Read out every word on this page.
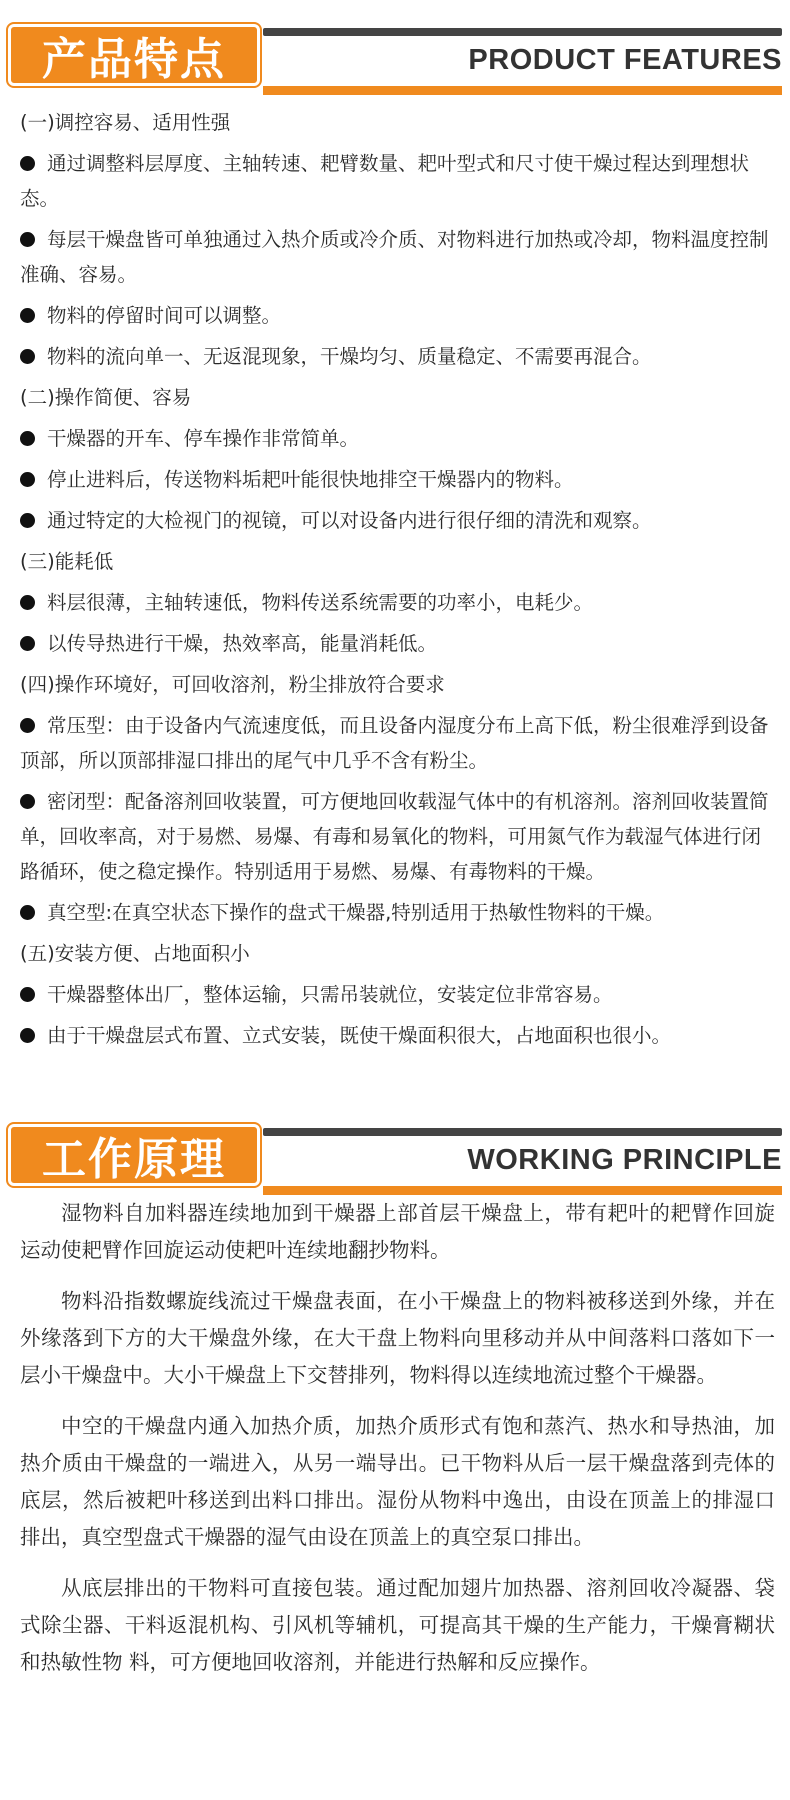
产品特点	PRODUCT FEATURES

(一)调控容易、适用性强

通过调整料层厚度、主轴转速、耙臂数量、耙叶型式和尺寸使干燥过程达到理想状态。

每层干燥盘皆可单独通过入热介质或冷介质、对物料进行加热或冷却，物料温度控制准确、容易。

物料的停留时间可以调整。

物料的流向单一、无返混现象，干燥均匀、质量稳定、不需要再混合。

(二)操作简便、容易

干燥器的开车、停车操作非常简单。

停止进料后，传送物料垢耙叶能很快地排空干燥器内的物料。

通过特定的大检视门的视镜，可以对设备内进行很仔细的清洗和观察。

(三)能耗低

料层很薄，主轴转速低，物料传送系统需要的功率小，电耗少。

以传导热进行干燥，热效率高，能量消耗低。

(四)操作环境好，可回收溶剂，粉尘排放符合要求

常压型：由于设备内气流速度低，而且设备内湿度分布上高下低，粉尘很难浮到设备顶部，所以顶部排湿口排出的尾气中几乎不含有粉尘。

密闭型：配备溶剂回收装置，可方便地回收载湿气体中的有机溶剂。溶剂回收装置简单，回收率高，对于易燃、易爆、有毒和易氧化的物料，可用氮气作为载湿气体进行闭路循环，使之稳定操作。特别适用于易燃、易爆、有毒物料的干燥。

真空型:在真空状态下操作的盘式干燥器,特别适用于热敏性物料的干燥。

(五)安装方便、占地面积小

干燥器整体出厂，整体运输，只需吊装就位，安装定位非常容易。

由于干燥盘层式布置、立式安装，既使干燥面积很大，占地面积也很小。

工作原理	WORKING PRINCIPLE

湿物料自加料器连续地加到干燥器上部首层干燥盘上，带有耙叶的耙臂作回旋运动使耙臂作回旋运动使耙叶连续地翻抄物料。

物料沿指数螺旋线流过干燥盘表面，在小干燥盘上的物料被移送到外缘，并在外缘落到下方的大干燥盘外缘，在大干盘上物料向里移动并从中间落料口落如下一层小干燥盘中。大小干燥盘上下交替排列，物料得以连续地流过整个干燥器。

中空的干燥盘内通入加热介质，加热介质形式有饱和蒸汽、热水和导热油，加热介质由干燥盘的一端进入，从另一端导出。已干物料从后一层干燥盘落到壳体的底层，然后被耙叶移送到出料口排出。湿份从物料中逸出，由设在顶盖上的排湿口排出，真空型盘式干燥器的湿气由设在顶盖上的真空泵口排出。

从底层排出的干物料可直接包装。通过配加翅片加热器、溶剂回收冷凝器、袋式除尘器、干料返混机构、引风机等辅机，可提高其干燥的生产能力，干燥膏糊状和热敏性物 料，可方便地回收溶剂，并能进行热解和反应操作。
